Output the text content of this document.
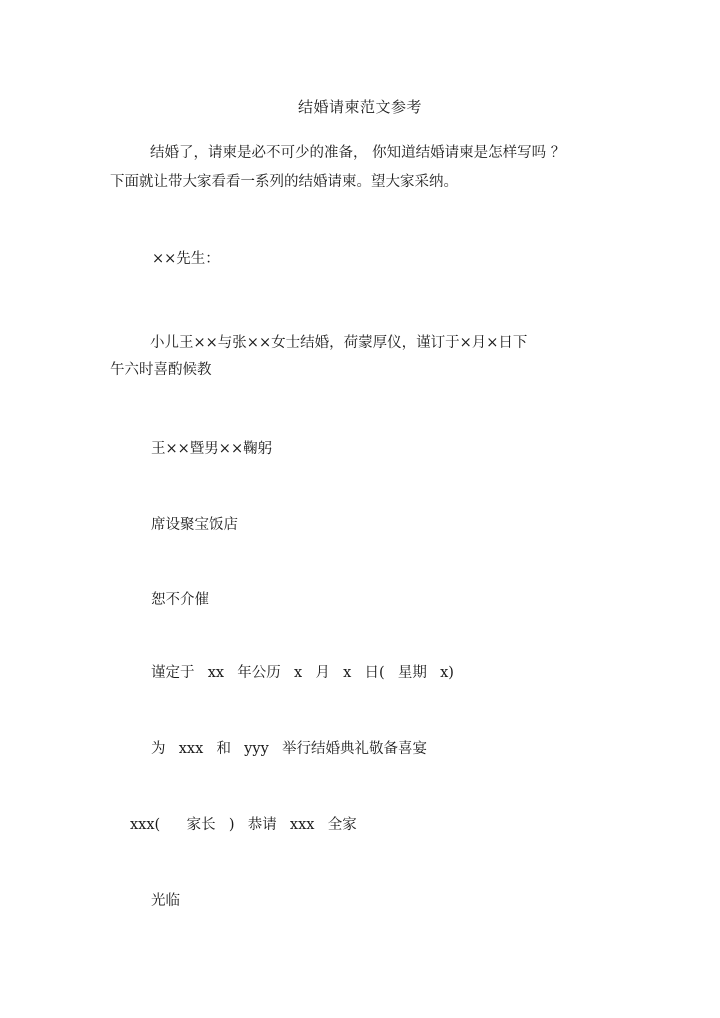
结婚请柬范文参考
结婚了，请柬是必不可少的准备， 你知道结婚请柬是怎样写吗 ？
下面就让带大家看看一系列的结婚请柬。望大家采纳。
××先生：
小儿王××与张××女士结婚，荷蒙厚仪，谨订于×月×日下
午六时喜酌候教
王××暨男××鞠躬
席设聚宝饭店
恕不介催
谨定于  xx  年公历  x  月  x  日(  星期  x)
为  xxx  和  yyy  举行结婚典礼敬备喜宴
xxx(    家长  )  恭请  xxx  全家
光临
